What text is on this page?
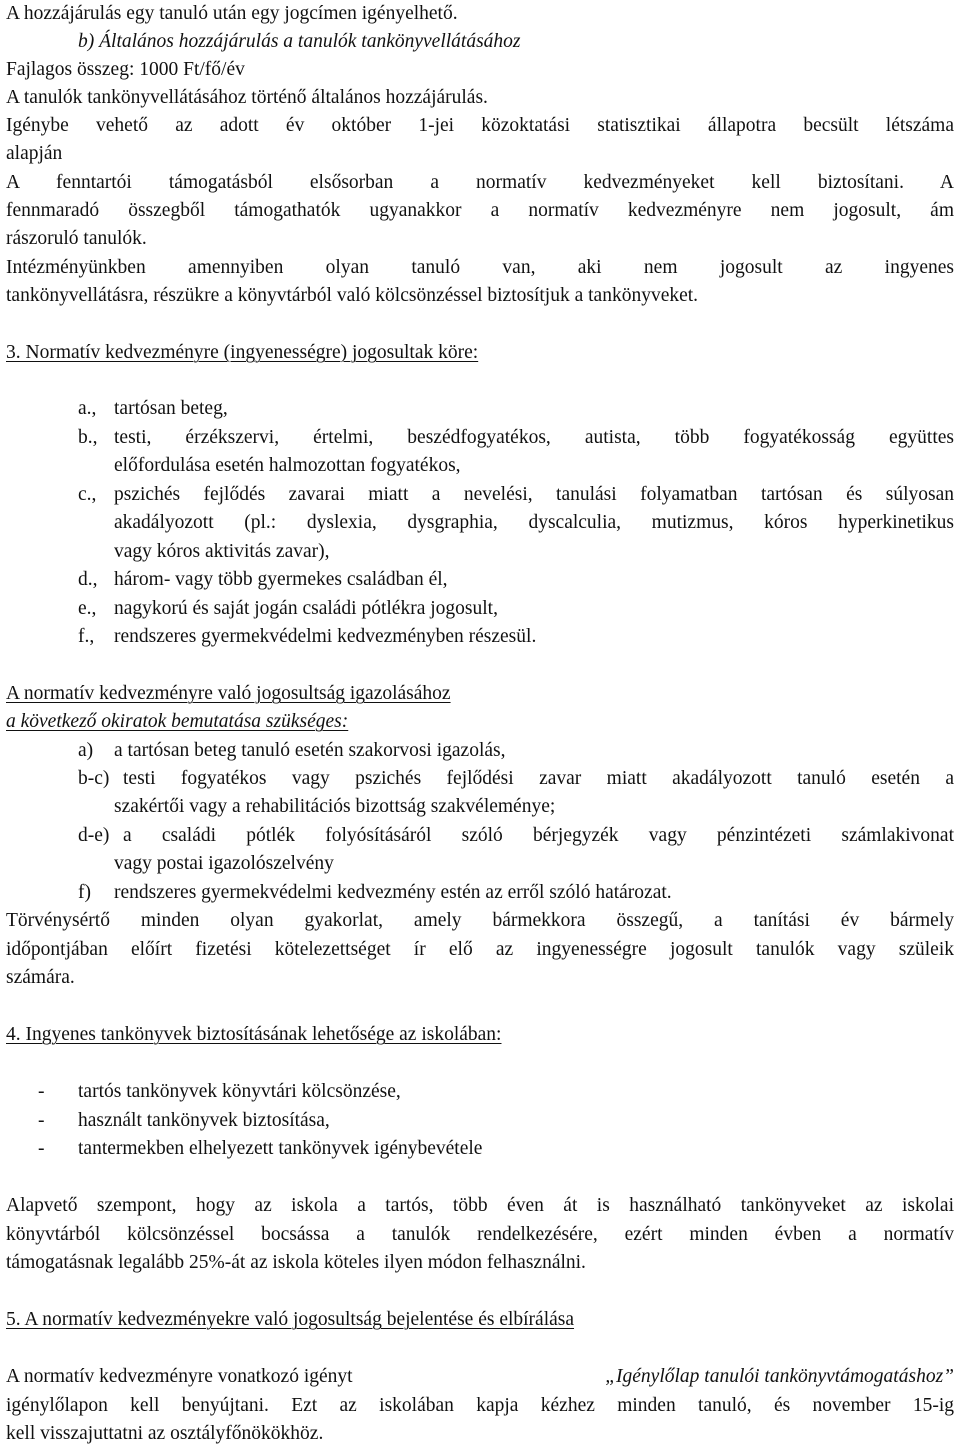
A hozzájárulás egy tanuló után egy jogcímen igényelhető.
b) Általános hozzájárulás a tanulók tankönyvellátásához
Fajlagos összeg: 1000 Ft/fő/év
A tanulók tankönyvellátásához történő általános hozzájárulás.
Igénybe vehető az adott év október 1-jei közoktatási statisztikai állapotra becsült létszáma
alapján
A fenntartói támogatásból elsősorban a normatív kedvezményeket kell biztosítani. A
fennmaradó összegből támogathatók ugyanakkor a normatív kedvezményre nem jogosult, ám
rászoruló tanulók.
Intézményünkben amennyiben olyan tanuló van, aki nem jogosult az ingyenes
tankönyvellátásra, részükre a könyvtárból való kölcsönzéssel biztosítjuk a tankönyveket.
3. Normatív kedvezményre (ingyenességre) jogosultak köre:
a., tartósan beteg,
b., testi, érzékszervi, értelmi, beszédfogyatékos, autista, több fogyatékosság együttes
előfordulása esetén halmozottan fogyatékos,
c., pszichés fejlődés zavarai miatt a nevelési, tanulási folyamatban tartósan és súlyosan
akadályozott (pl.: dyslexia, dysgraphia, dyscalculia, mutizmus, kóros hyperkinetikus
vagy kóros aktivitás zavar),
d., három- vagy több gyermekes családban él,
e., nagykorú és saját jogán családi pótlékra jogosult,
f., rendszeres gyermekvédelmi kedvezményben részesül.
A normatív kedvezményre való jogosultság igazolásához
a következő okiratok bemutatása szükséges:
a) a tartósan beteg tanuló esetén szakorvosi igazolás,
b-c) testi fogyatékos vagy pszichés fejlődési zavar miatt akadályozott tanuló esetén a
szakértői vagy a rehabilitációs bizottság szakvéleménye;
d-e) a családi pótlék folyósításáról szóló bérjegyzék vagy pénzintézeti számlakivonat
vagy postai igazolószelvény
f) rendszeres gyermekvédelmi kedvezmény estén az erről szóló határozat.
Törvénysértő minden olyan gyakorlat, amely bármekkora összegű, a tanítási év bármely
időpontjában előírt fizetési kötelezettséget ír elő az ingyenességre jogosult tanulók vagy szüleik
számára.
4. Ingyenes tankönyvek biztosításának lehetősége az iskolában:
- tartós tankönyvek könyvtári kölcsönzése,
- használt tankönyvek biztosítása,
- tantermekben elhelyezett tankönyvek igénybevétele
Alapvető szempont, hogy az iskola a tartós, több éven át is használható tankönyveket az iskolai
könyvtárból kölcsönzéssel bocsássa a tanulók rendelkezésére, ezért minden évben a normatív
támogatásnak legalább 25%-át az iskola köteles ilyen módon felhasználni.
5. A normatív kedvezményekre való jogosultság bejelentése és elbírálása
A normatív kedvezményre vonatkozó igényt	„Igénylőlap tanulói tankönyvtámogatáshoz”
igénylőlapon kell benyújtani. Ezt az iskolában kapja kézhez minden tanuló, és november 15-ig
kell visszajuttatni az osztályfőnökökhöz.
